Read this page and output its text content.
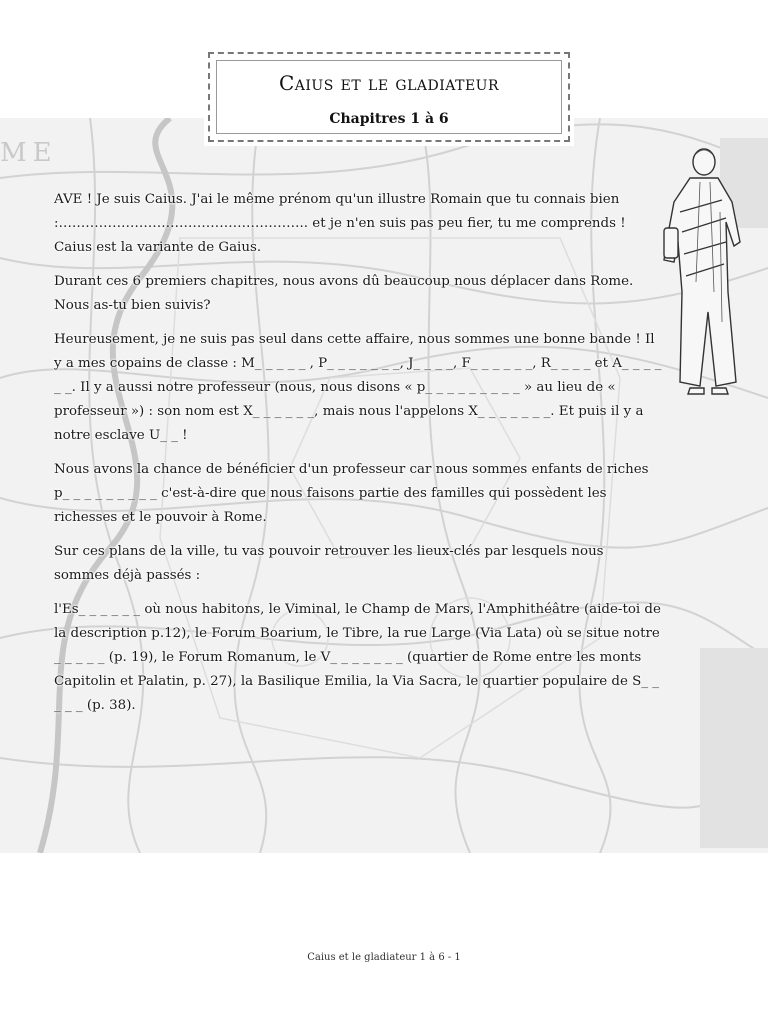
ME
Caius et le gladiateur
Chapitres 1 à 6

AVE ! Je suis Caius. J'ai le même prénom qu'un illustre Romain que tu connais bien :……………………………………………….. et je n'en suis pas peu fier, tu me comprends ! Caius est la variante de Gaius.

Durant ces 6 premiers chapitres, nous avons dû beaucoup nous déplacer dans Rome. Nous as-tu bien suivis?

Heureusement, je ne suis pas seul dans cette affaire, nous sommes une bonne bande ! Il y a mes copains de classe : M_ _ _ _ _ , P_ _ _ _ _ _ _, J_ _ _ _, F_ _ _ _ _ _, R_ _ _ _ et A_ _ _ _ _ _. Il y a aussi notre professeur (nous, nous disons « p_ _ _ _ _ _ _ _ _ » au lieu de « professeur ») : son nom est X_ _ _ _ _ _, mais nous l'appelons X_ _ _ _ _ _ _. Et puis il y a notre esclave U_ _ !

Nous avons la chance de bénéficier d'un professeur car nous sommes enfants de riches p_ _ _ _ _ _ _ _ _ c'est-à-dire que nous faisons partie des familles qui possèdent les richesses et le pouvoir à Rome.

Sur ces plans de la ville, tu vas pouvoir retrouver les lieux-clés par lesquels nous sommes déjà passés :

l'Es_ _ _ _ _ _ où nous habitons, le Viminal, le Champ de Mars, l'Amphithéâtre (aide-toi de la description p.12), le Forum Boarium, le Tibre, la rue Large (Via Lata) où se situe notre _ _ _ _ _ (p. 19), le Forum Romanum, le V_ _ _ _ _ _ _ (quartier de Rome entre les monts Capitolin et Palatin, p. 27), la Basilique Emilia, la Via Sacra, le quartier populaire de S_ _ _ _ _ (p. 38).

Caius et le gladiateur 1 à 6 - 1
